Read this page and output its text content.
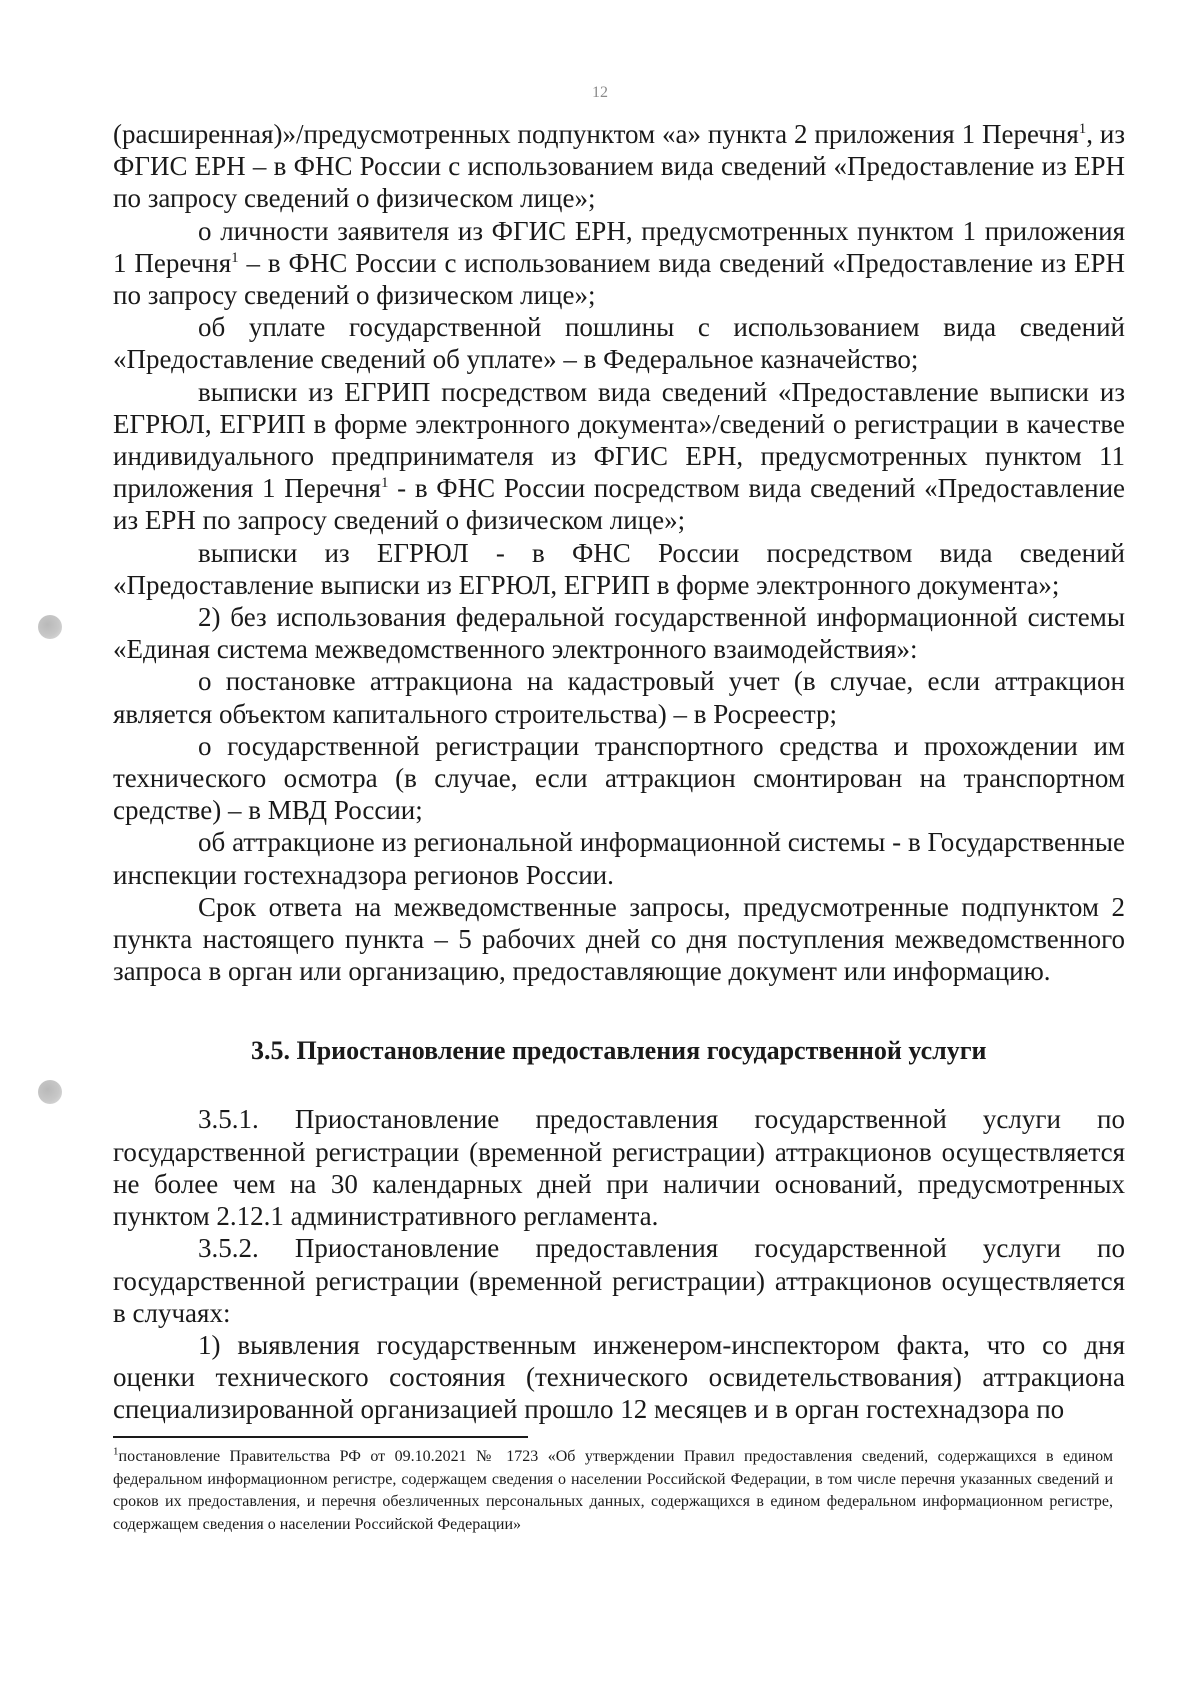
12

(расширенная)»/предусмотренных подпунктом «а» пункта 2 приложения 1 Перечня$^1$, из ФГИС ЕРН – в ФНС России с использованием вида сведений «Предоставление из ЕРН по запросу сведений о физическом лице»;

о личности заявителя из ФГИС ЕРН, предусмотренных пунктом 1 приложения 1 Перечня$^1$ – в ФНС России с использованием вида сведений «Предоставление из ЕРН по запросу сведений о физическом лице»;

об уплате государственной пошлины с использованием вида сведений «Предоставление сведений об уплате» – в Федеральное казначейство;

выписки из ЕГРИП посредством вида сведений «Предоставление выписки из ЕГРЮЛ, ЕГРИП в форме электронного документа»/сведений о регистрации в качестве индивидуального предпринимателя из ФГИС ЕРН, предусмотренных пунктом 11 приложения 1 Перечня$^1$ - в ФНС России посредством вида сведений «Предоставление из ЕРН по запросу сведений о физическом лице»;

выписки из ЕГРЮЛ - в ФНС России посредством вида сведений «Предоставление выписки из ЕГРЮЛ, ЕГРИП в форме электронного документа»;

2) без использования федеральной государственной информационной системы «Единая система межведомственного электронного взаимодействия»:

о постановке аттракциона на кадастровый учет (в случае, если аттракцион является объектом капитального строительства) – в Росреестр;

о государственной регистрации транспортного средства и прохождении им технического осмотра (в случае, если аттракцион смонтирован на транспортном средстве) – в МВД России;

об аттракционе из региональной информационной системы - в Государственные инспекции гостехнадзора регионов России.

Срок ответа на межведомственные запросы, предусмотренные подпунктом 2 пункта настоящего пункта – 5 рабочих дней со дня поступления межведомственного запроса в орган или организацию, предоставляющие документ или информацию.

3.5. Приостановление предоставления государственной услуги

3.5.1. Приостановление предоставления государственной услуги по государственной регистрации (временной регистрации) аттракционов осуществляется не более чем на 30 календарных дней при наличии оснований, предусмотренных пунктом 2.12.1 административного регламента.

3.5.2. Приостановление предоставления государственной услуги по государственной регистрации (временной регистрации) аттракционов осуществляется в случаях:

1) выявления государственным инженером-инспектором факта, что со дня оценки технического состояния (технического освидетельствования) аттракциона специализированной организацией прошло 12 месяцев и в орган гостехнадзора по

$^1$постановление Правительства РФ от 09.10.2021 № 1723 «Об утверждении Правил предоставления сведений, содержащихся в едином федеральном информационном регистре, содержащем сведения о населении Российской Федерации, в том числе перечня указанных сведений и сроков их предоставления, и перечня обезличенных персональных данных, содержащихся в едином федеральном информационном регистре, содержащем сведения о населении Российской Федерации»
